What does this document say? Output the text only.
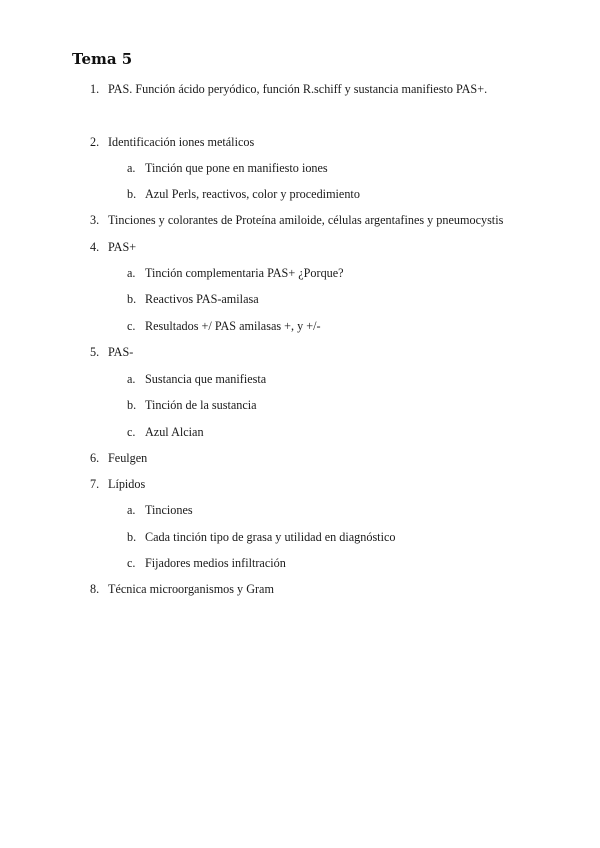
Tema 5
1. PAS. Función ácido peryódico, función R.schiff y sustancia manifiesto PAS+.
2. Identificación iones metálicos
a. Tinción que pone en manifiesto iones
b. Azul Perls, reactivos, color y procedimiento
3. Tinciones y colorantes de Proteína amiloide, células argentafines y pneumocystis
4. PAS+
a. Tinción complementaria PAS+ ¿Porque?
b. Reactivos PAS-amilasa
c. Resultados +/ PAS amilasas +, y +/-
5. PAS-
a. Sustancia que manifiesta
b. Tinción de la sustancia
c. Azul Alcian
6. Feulgen
7. Lípidos
a. Tinciones
b. Cada tinción tipo de grasa y utilidad en diagnóstico
c. Fijadores medios infiltración
8. Técnica microorganismos y Gram
